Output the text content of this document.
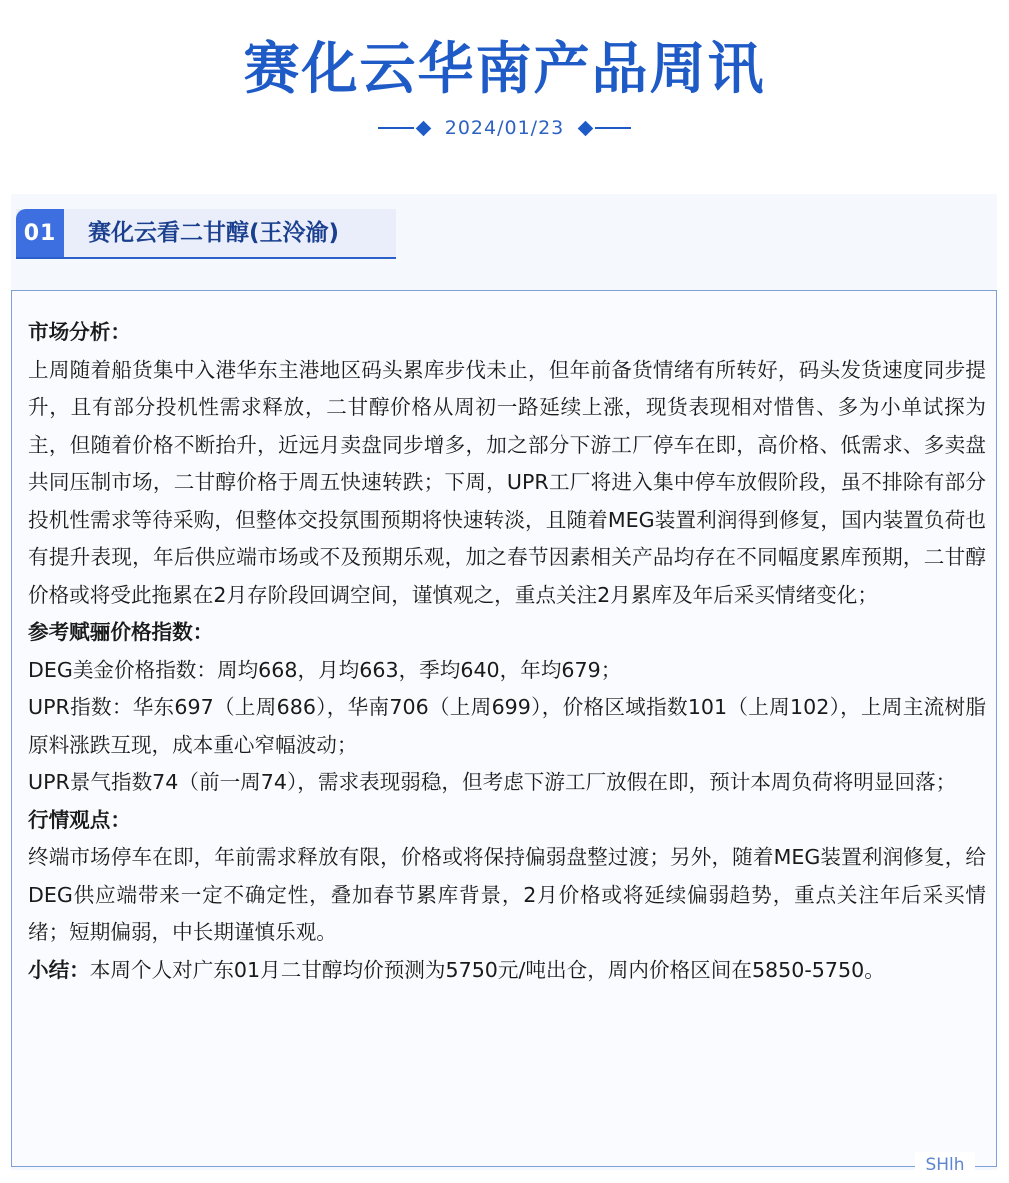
赛化云华南产品周讯
2024/01/23
01	赛化云看二甘醇(王泠渝)

市场分析：

上周随着船货集中入港华东主港地区码头累库步伐未止，但年前备货情绪有所转好，码头发货速度同步提升，且有部分投机性需求释放，二甘醇价格从周初一路延续上涨，现货表现相对惜售、多为小单试探为主，但随着价格不断抬升，近远月卖盘同步增多，加之部分下游工厂停车在即，高价格、低需求、多卖盘共同压制市场，二甘醇价格于周五快速转跌；下周，UPR工厂将进入集中停车放假阶段，虽不排除有部分投机性需求等待采购，但整体交投氛围预期将快速转淡，且随着MEG装置利润得到修复，国内装置负荷也有提升表现，年后供应端市场或不及预期乐观，加之春节因素相关产品均存在不同幅度累库预期，二甘醇价格或将受此拖累在2月存阶段回调空间，谨慎观之，重点关注2月累库及年后采买情绪变化；

参考赋骊价格指数：

DEG美金价格指数：周均668，月均663，季均640，年均679；

UPR指数：华东697（上周686），华南706（上周699），价格区域指数101（上周102），上周主流树脂原料涨跌互现，成本重心窄幅波动；

UPR景气指数74（前一周74），需求表现弱稳，但考虑下游工厂放假在即，预计本周负荷将明显回落；

行情观点：

终端市场停车在即，年前需求释放有限，价格或将保持偏弱盘整过渡；另外，随着MEG装置利润修复，给DEG供应端带来一定不确定性，叠加春节累库背景，2月价格或将延续偏弱趋势，重点关注年后采买情绪；短期偏弱，中长期谨慎乐观。

小结：本周个人对广东01月二甘醇均价预测为5750元/吨出仓，周内价格区间在5850-5750。

SHlh
